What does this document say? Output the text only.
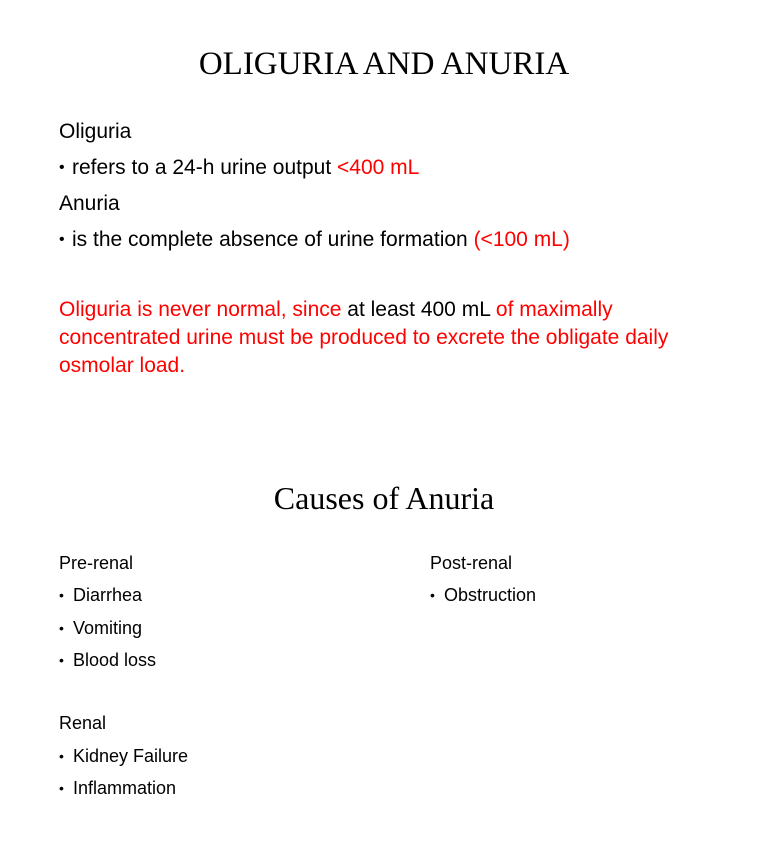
OLIGURIA AND ANURIA
Oliguria
• refers to a 24-h urine output <400 mL
Anuria
• is the complete absence of urine formation (<100 mL)
Oliguria is never normal, since at least 400 mL of maximally concentrated urine must be produced to excrete the obligate daily osmolar load.
Causes of Anuria
Pre-renal
• Diarrhea
• Vomiting
• Blood loss
Renal
• Kidney Failure
• Inflammation
Post-renal
• Obstruction
